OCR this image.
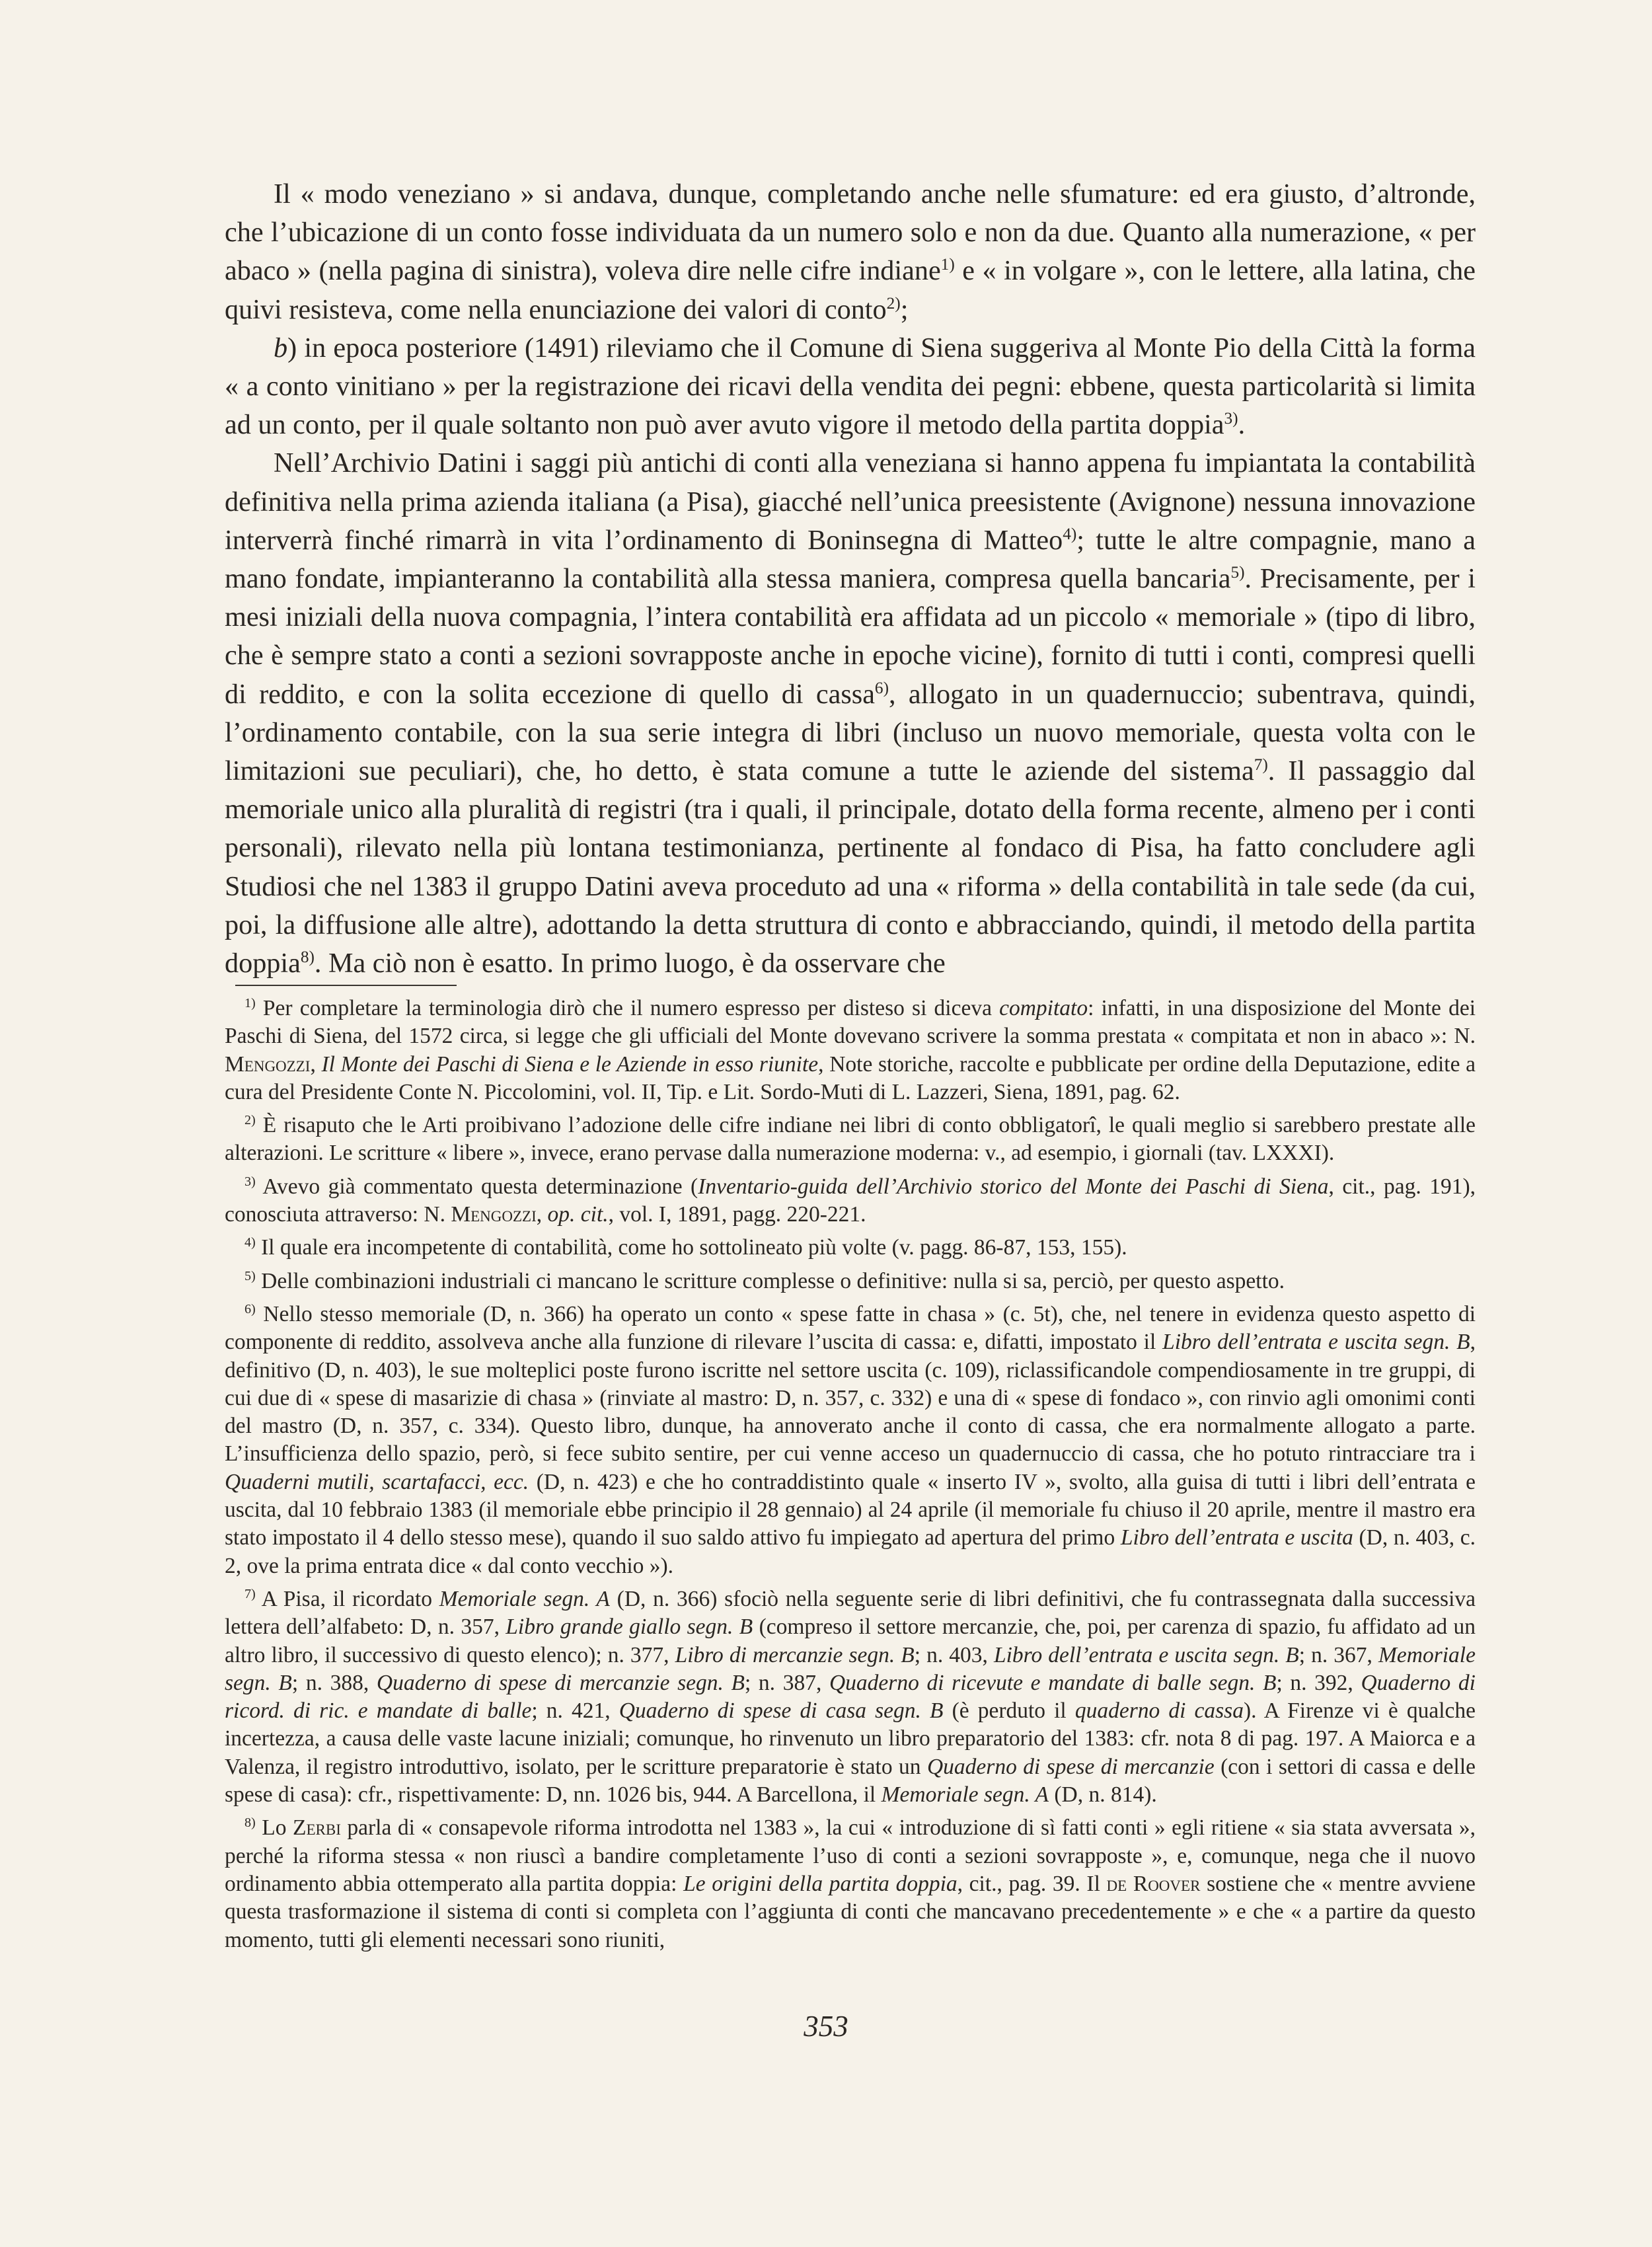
Il « modo veneziano » si andava, dunque, completando anche nelle sfumature: ed era giusto, d’altronde, che l’ubicazione di un conto fosse individuata da un numero solo e non da due. Quanto alla numerazione, « per abaco » (nella pagina di sinistra), voleva dire nelle cifre indiane$^{1)}$ e « in volgare », con le lettere, alla latina, che quivi resisteva, come nella enunciazione dei valori di conto$^{2)}$;

b) in epoca posteriore (1491) rileviamo che il Comune di Siena suggeriva al Monte Pio della Città la forma « a conto vinitiano » per la registrazione dei ricavi della vendita dei pegni: ebbene, questa particolarità si limita ad un conto, per il quale soltanto non può aver avuto vigore il metodo della partita doppia$^{3)}$.

Nell’Archivio Datini i saggi più antichi di conti alla veneziana si hanno appena fu impiantata la contabilità definitiva nella prima azienda italiana (a Pisa), giacché nell’unica preesistente (Avignone) nessuna innovazione interverrà finché rimarrà in vita l’ordinamento di Boninsegna di Matteo$^{4)}$; tutte le altre compagnie, mano a mano fondate, impianteranno la contabilità alla stessa maniera, compresa quella bancaria$^{5)}$. Precisamente, per i mesi iniziali della nuova compagnia, l’intera contabilità era affidata ad un piccolo « memoriale » (tipo di libro, che è sempre stato a conti a sezioni sovrapposte anche in epoche vicine), fornito di tutti i conti, compresi quelli di reddito, e con la solita eccezione di quello di cassa$^{6)}$, allogato in un quadernuccio; subentrava, quindi, l’ordinamento contabile, con la sua serie integra di libri (incluso un nuovo memoriale, questa volta con le limitazioni sue peculiari), che, ho detto, è stata comune a tutte le aziende del sistema$^{7)}$. Il passaggio dal memoriale unico alla pluralità di registri (tra i quali, il principale, dotato della forma recente, almeno per i conti personali), rilevato nella più lontana testimonianza, pertinente al fondaco di Pisa, ha fatto concludere agli Studiosi che nel 1383 il gruppo Datini aveva proceduto ad una « riforma » della contabilità in tale sede (da cui, poi, la diffusione alle altre), adottando la detta struttura di conto e abbracciando, quindi, il metodo della partita doppia$^{8)}$. Ma ciò non è esatto. In primo luogo, è da osservare che

$^{1)}$ Per completare la terminologia dirò che il numero espresso per disteso si diceva compitato: infatti, in una disposizione del Monte dei Paschi di Siena, del 1572 circa, si legge che gli ufficiali del Monte dovevano scrivere la somma prestata « compitata et non in abaco »: N. Mengozzi, Il Monte dei Paschi di Siena e le Aziende in esso riunite, Note storiche, raccolte e pubblicate per ordine della Deputazione, edite a cura del Presidente Conte N. Piccolomini, vol. II, Tip. e Lit. Sordo-Muti di L. Lazzeri, Siena, 1891, pag. 62.

$^{2)}$ È risaputo che le Arti proibivano l’adozione delle cifre indiane nei libri di conto obbligatorî, le quali meglio si sarebbero prestate alle alterazioni. Le scritture « libere », invece, erano pervase dalla numerazione moderna: v., ad esempio, i giornali (tav. LXXXI).

$^{3)}$ Avevo già commentato questa determinazione (Inventario-guida dell’Archivio storico del Monte dei Paschi di Siena, cit., pag. 191), conosciuta attraverso: N. Mengozzi, op. cit., vol. I, 1891, pagg. 220-221.

$^{4)}$ Il quale era incompetente di contabilità, come ho sottolineato più volte (v. pagg. 86-87, 153, 155).

$^{5)}$ Delle combinazioni industriali ci mancano le scritture complesse o definitive: nulla si sa, perciò, per questo aspetto.

$^{6)}$ Nello stesso memoriale (D, n. 366) ha operato un conto « spese fatte in chasa » (c. 5t), che, nel tenere in evidenza questo aspetto di componente di reddito, assolveva anche alla funzione di rilevare l’uscita di cassa: e, difatti, impostato il Libro dell’entrata e uscita segn. B, definitivo (D, n. 403), le sue molteplici poste furono iscritte nel settore uscita (c. 109), riclassificandole compendiosamente in tre gruppi, di cui due di « spese di masarizie di chasa » (rinviate al mastro: D, n. 357, c. 332) e una di « spese di fondaco », con rinvio agli omonimi conti del mastro (D, n. 357, c. 334). Questo libro, dunque, ha annoverato anche il conto di cassa, che era normalmente allogato a parte. L’insufficienza dello spazio, però, si fece subito sentire, per cui venne acceso un quadernuccio di cassa, che ho potuto rintracciare tra i Quaderni mutili, scartafacci, ecc. (D, n. 423) e che ho contraddistinto quale « inserto IV », svolto, alla guisa di tutti i libri dell’entrata e uscita, dal 10 febbraio 1383 (il memoriale ebbe principio il 28 gennaio) al 24 aprile (il memoriale fu chiuso il 20 aprile, mentre il mastro era stato impostato il 4 dello stesso mese), quando il suo saldo attivo fu impiegato ad apertura del primo Libro dell’entrata e uscita (D, n. 403, c. 2, ove la prima entrata dice « dal conto vecchio »).

$^{7)}$ A Pisa, il ricordato Memoriale segn. A (D, n. 366) sfociò nella seguente serie di libri definitivi, che fu contrassegnata dalla successiva lettera dell’alfabeto: D, n. 357, Libro grande giallo segn. B (compreso il settore mercanzie, che, poi, per carenza di spazio, fu affidato ad un altro libro, il successivo di questo elenco); n. 377, Libro di mercanzie segn. B; n. 403, Libro dell’entrata e uscita segn. B; n. 367, Memoriale segn. B; n. 388, Quaderno di spese di mercanzie segn. B; n. 387, Quaderno di ricevute e mandate di balle segn. B; n. 392, Quaderno di ricord. di ric. e mandate di balle; n. 421, Quaderno di spese di casa segn. B (è perduto il quaderno di cassa). A Firenze vi è qualche incertezza, a causa delle vaste lacune iniziali; comunque, ho rinvenuto un libro preparatorio del 1383: cfr. nota 8 di pag. 197. A Maiorca e a Valenza, il registro introduttivo, isolato, per le scritture preparatorie è stato un Quaderno di spese di mercanzie (con i settori di cassa e delle spese di casa): cfr., rispettivamente: D, nn. 1026 bis, 944. A Barcellona, il Memoriale segn. A (D, n. 814).

$^{8)}$ Lo Zerbi parla di « consapevole riforma introdotta nel 1383 », la cui « introduzione di sì fatti conti » egli ritiene « sia stata avversata », perché la riforma stessa « non riuscì a bandire completamente l’uso di conti a sezioni sovrapposte », e, comunque, nega che il nuovo ordinamento abbia ottemperato alla partita doppia: Le origini della partita doppia, cit., pag. 39. Il de Roover sostiene che « mentre avviene questa trasformazione il sistema di conti si completa con l’aggiunta di conti che mancavano precedentemente » e che « a partire da questo momento, tutti gli elementi necessari sono riuniti,

353
